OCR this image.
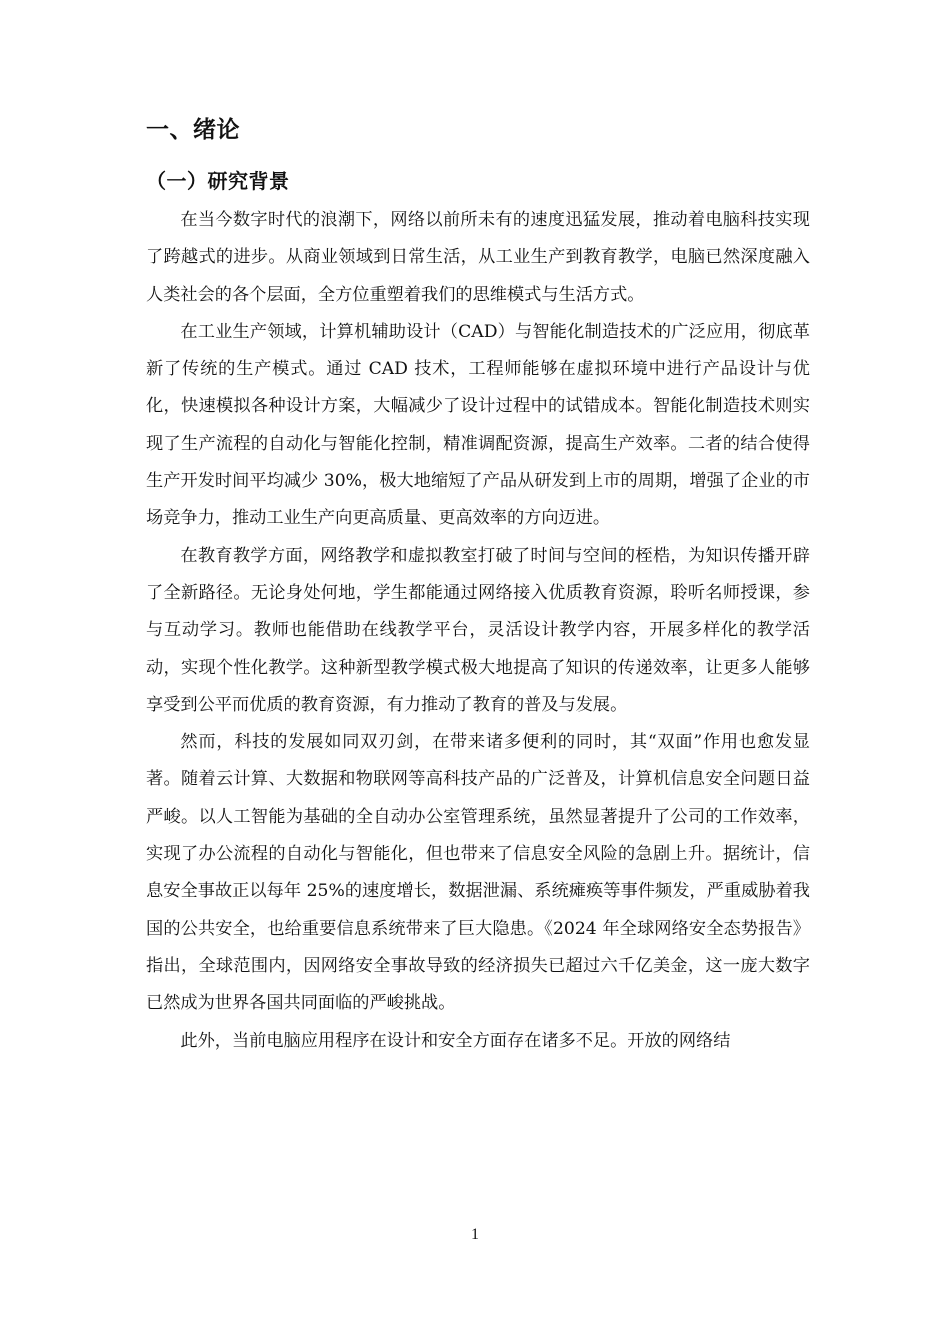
一、绪论
（一）研究背景

在当今数字时代的浪潮下，网络以前所未有的速度迅猛发展，推动着电脑科技实现了跨越式的进步。从商业领域到日常生活，从工业生产到教育教学，电脑已然深度融入人类社会的各个层面，全方位重塑着我们的思维模式与生活方式。

在工业生产领域，计算机辅助设计（CAD）与智能化制造技术的广泛应用，彻底革新了传统的生产模式。通过 CAD 技术，工程师能够在虚拟环境中进行产品设计与优化，快速模拟各种设计方案，大幅减少了设计过程中的试错成本。智能化制造技术则实现了生产流程的自动化与智能化控制，精准调配资源，提高生产效率。二者的结合使得生产开发时间平均减少 30%，极大地缩短了产品从研发到上市的周期，增强了企业的市场竞争力，推动工业生产向更高质量、更高效率的方向迈进。

在教育教学方面，网络教学和虚拟教室打破了时间与空间的桎梏，为知识传播开辟了全新路径。无论身处何地，学生都能通过网络接入优质教育资源，聆听名师授课，参与互动学习。教师也能借助在线教学平台，灵活设计教学内容，开展多样化的教学活动，实现个性化教学。这种新型教学模式极大地提高了知识的传递效率，让更多人能够享受到公平而优质的教育资源，有力推动了教育的普及与发展。

然而，科技的发展如同双刃剑，在带来诸多便利的同时，其“双面”作用也愈发显著。随着云计算、大数据和物联网等高科技产品的广泛普及，计算机信息安全问题日益严峻。以人工智能为基础的全自动办公室管理系统，虽然显著提升了公司的工作效率，实现了办公流程的自动化与智能化，但也带来了信息安全风险的急剧上升。据统计，信息安全事故正以每年 25%的速度增长，数据泄漏、系统瘫痪等事件频发，严重威胁着我国的公共安全，也给重要信息系统带来了巨大隐患。《2024 年全球网络安全态势报告》指出，全球范围内，因网络安全事故导致的经济损失已超过六千亿美金，这一庞大数字已然成为世界各国共同面临的严峻挑战。

此外，当前电脑应用程序在设计和安全方面存在诸多不足。开放的网络结

1
